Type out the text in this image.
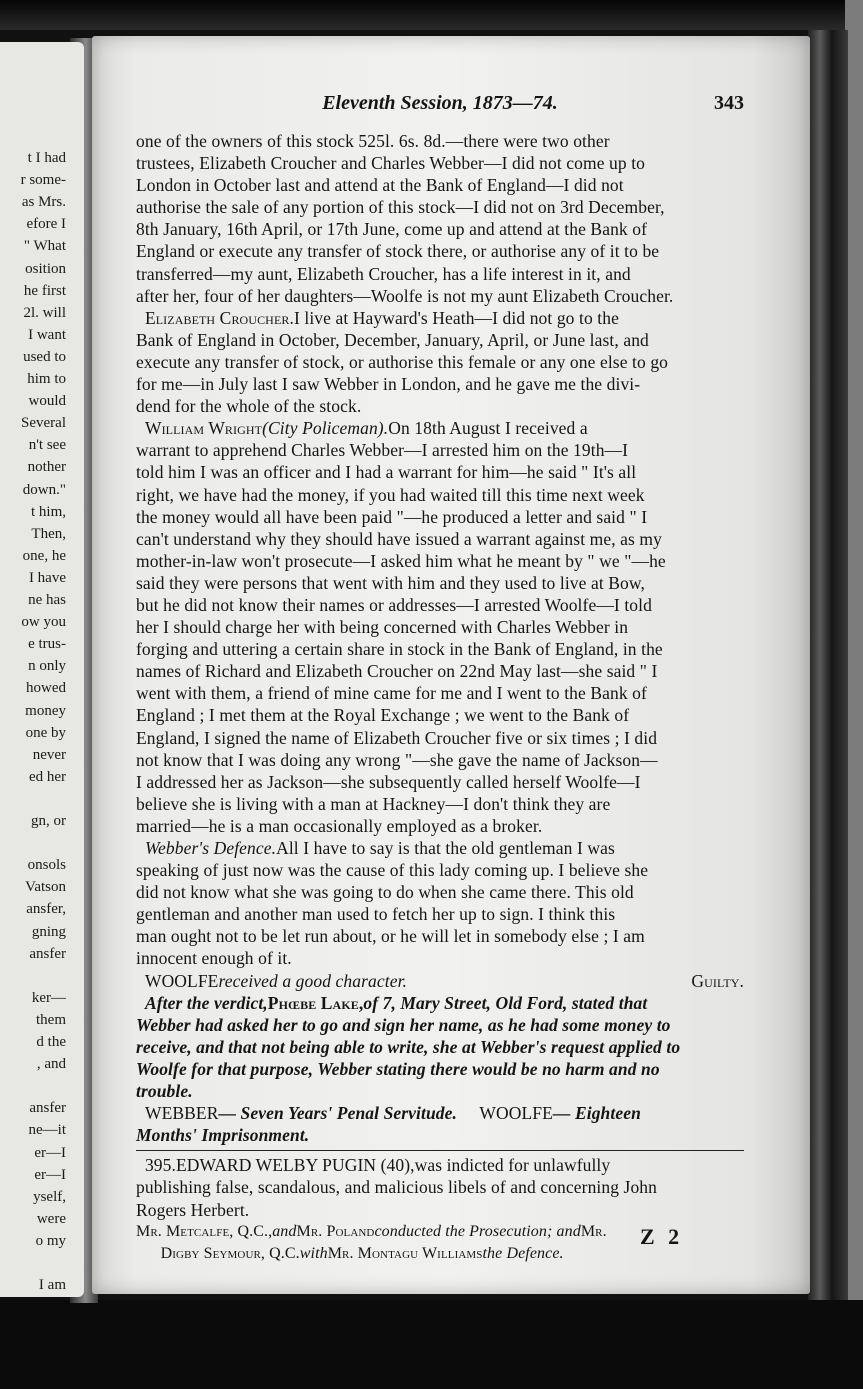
t I had
r some-
as Mrs.
efore I
" What
osition
he first
2l. will
I want
used to
him to
would
Several
n't see
nother
down."
t him,
Then,
one, he
I have
ne has
ow you
e trus-
n only
howed
money
one by
never
ed her
gn, or
onsols
Vatson
ansfer,
gning
ansfer
ker—
them
d the
, and
ansfer
ne—it
er—I
er—I
yself,
were
o my
I am
Eleventh Session, 1873—74.	343
one of the owners of this stock 525l. 6s. 8d.—there were two other
trustees, Elizabeth Croucher and Charles Webber—I did not come up to
London in October last and attend at the Bank of England—I did not
authorise the sale of any portion of this stock—I did not on 3rd December,
8th January, 16th April, or 17th June, come up and attend at the Bank of
England or execute any transfer of stock there, or authorise any of it to be
transferred—my aunt, Elizabeth Croucher, has a life interest in it, and
after her, four of her daughters—Woolfe is not my aunt Elizabeth Croucher.
Elizabeth Croucher.I live at Hayward's Heath—I did not go to the
Bank of England in October, December, January, April, or June last, and
execute any transfer of stock, or authorise this female or any one else to go
for me—in July last I saw Webber in London, and he gave me the divi-
dend for the whole of the stock.
William Wright(City Policeman).On 18th August I received a
warrant to apprehend Charles Webber—I arrested him on the 19th—I
told him I was an officer and I had a warrant for him—he said " It's all
right, we have had the money, if you had waited till this time next week
the money would all have been paid "—he produced a letter and said " I
can't understand why they should have issued a warrant against me, as my
mother-in-law won't prosecute—I asked him what he meant by " we "—he
said they were persons that went with him and they used to live at Bow,
but he did not know their names or addresses—I arrested Woolfe—I told
her I should charge her with being concerned with Charles Webber in
forging and uttering a certain share in stock in the Bank of England, in the
names of Richard and Elizabeth Croucher on 22nd May last—she said " I
went with them, a friend of mine came for me and I went to the Bank of
England ; I met them at the Royal Exchange ; we went to the Bank of
England, I signed the name of Elizabeth Croucher five or six times ; I did
not know that I was doing any wrong "—she gave the name of Jackson—
I addressed her as Jackson—she subsequently called herself Woolfe—I
believe she is living with a man at Hackney—I don't think they are
married—he is a man occasionally employed as a broker.
Webber's Defence.All I have to say is that the old gentleman I was
speaking of just now was the cause of this lady coming up. I believe she
did not know what she was going to do when she came there. This old
gentleman and another man used to fetch her up to sign. I think this
man ought not to be let run about, or he will let in somebody else ; I am
innocent enough of it.
WOOLFEreceived a good character.	Guilty.
After the verdict,Phœbe Lake,of 7, Mary Street, Old Ford, stated that
Webber had asked her to go and sign her name, as he had some money to
receive, and that not being able to write, she at Webber's request applied to
Woolfe for that purpose, Webber stating there would be no harm and no
trouble.
WEBBER— Seven Years' Penal Servitude. WOOLFE— Eighteen
Months' Imprisonment.
395.EDWARD WELBY PUGIN (40),was indicted for unlawfully
publishing false, scandalous, and malicious libels of and concerning John
Rogers Herbert.
Mr. Metcalfe, Q.C.,andMr. Polandconducted the Prosecution; andMr.
Digby Seymour, Q.C.withMr. Montagu Williamsthe Defence.
Z 2
